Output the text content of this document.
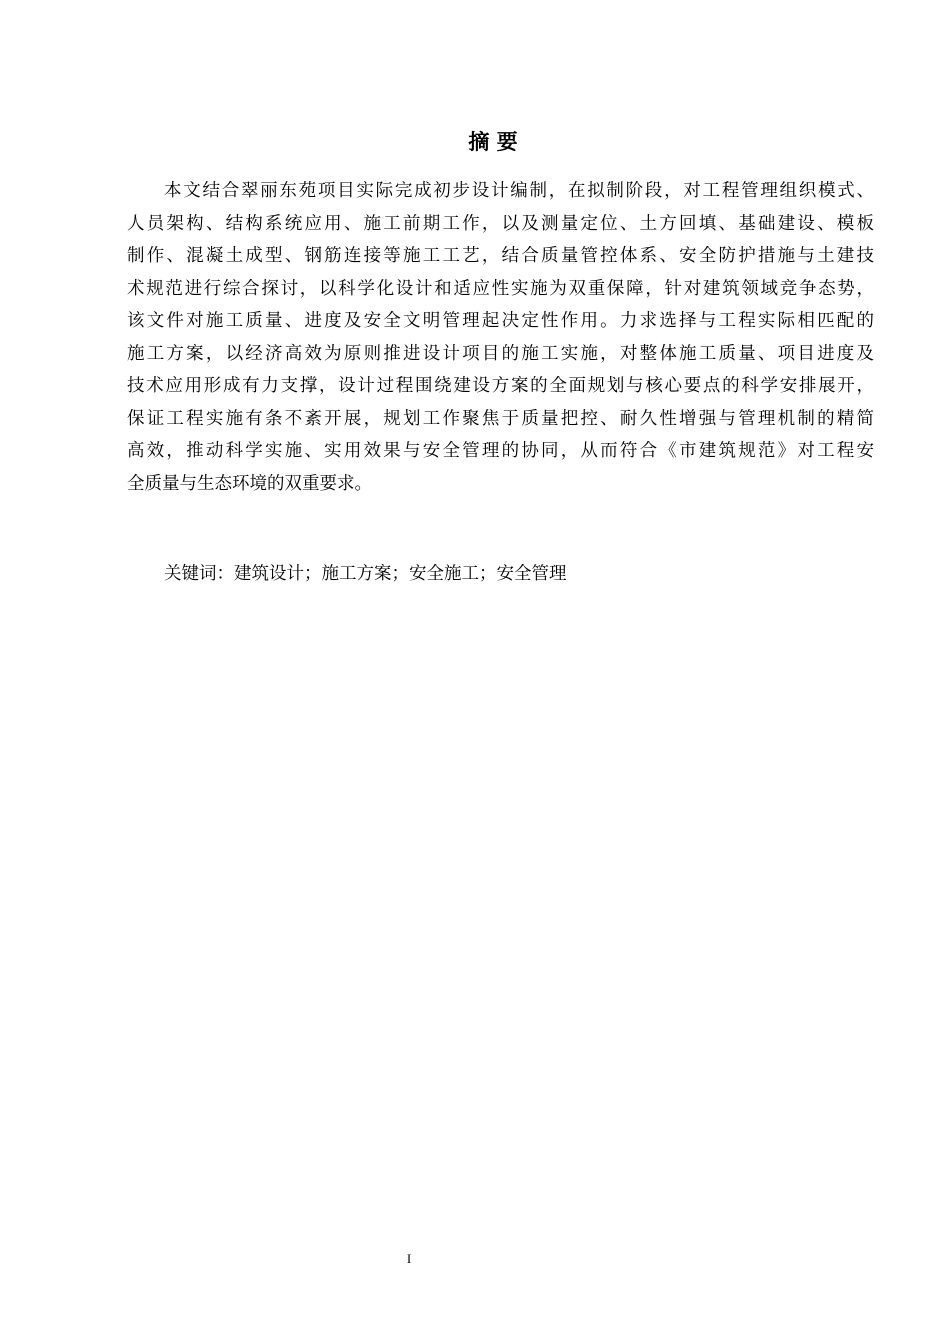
摘 要
本文结合翠丽东苑项目实际完成初步设计编制，在拟制阶段，对工程管理组织模式、
人员架构、结构系统应用、施工前期工作，以及测量定位、土方回填、基础建设、模板
制作、混凝土成型、钢筋连接等施工工艺，结合质量管控体系、安全防护措施与土建技
术规范进行综合探讨，以科学化设计和适应性实施为双重保障，针对建筑领域竞争态势，
该文件对施工质量、进度及安全文明管理起决定性作用。力求选择与工程实际相匹配的
施工方案，以经济高效为原则推进设计项目的施工实施，对整体施工质量、项目进度及
技术应用形成有力支撑，设计过程围绕建设方案的全面规划与核心要点的科学安排展开，
保证工程实施有条不紊开展，规划工作聚焦于质量把控、耐久性增强与管理机制的精简
高效，推动科学实施、实用效果与安全管理的协同，从而符合《市建筑规范》对工程安
全质量与生态环境的双重要求。
关键词：建筑设计；施工方案；安全施工；安全管理
I
